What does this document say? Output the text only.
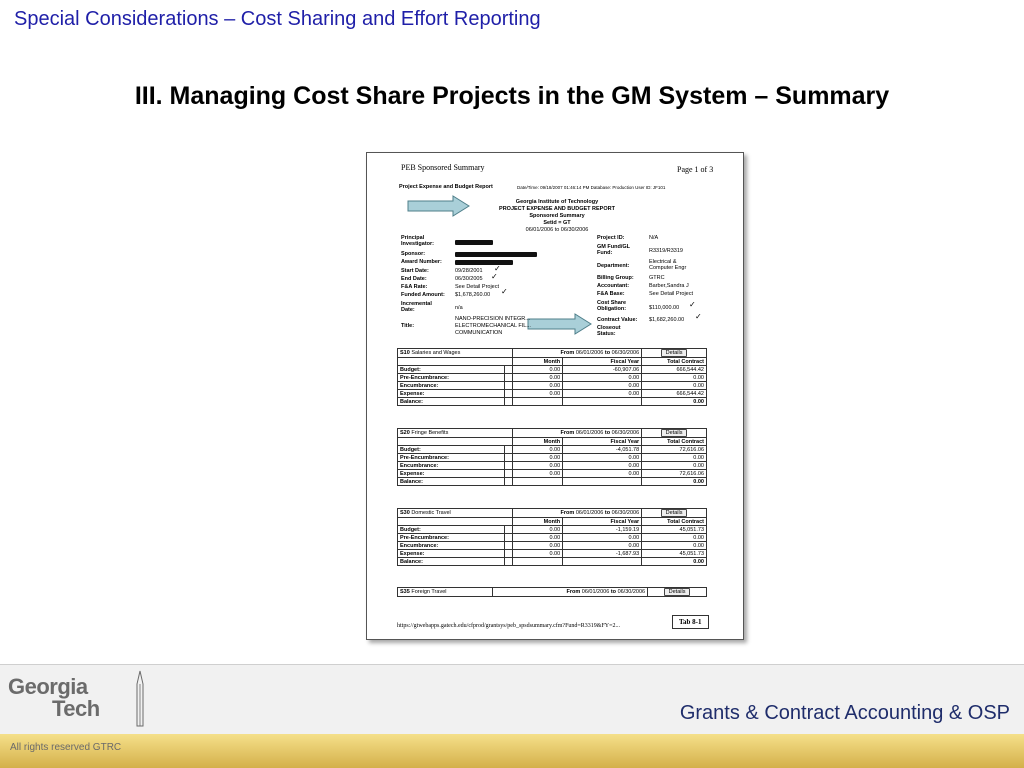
Special Considerations – Cost Sharing and Effort Reporting
III. Managing Cost Share Projects in the GM System – Summary
PEB Sponsored Summary	Page 1 of 3
Project Expense and Budget Report	Date/Time: 09/18/2007 01:46:14 PM Database: Production User ID: JF101
Georgia Institute of Technology
PROJECT EXPENSE AND BUDGET REPORT
Sponsored Summary
Setid = GT
06/01/2006 to 06/30/2006
Principal Investigator:
Sponsor:
Award Number:
Start Date:	09/28/2001 ✓
End Date:	06/30/2005 ✓
F&A Rate:	See Detail Project
Funded Amount: $1,678,260.00 ✓
Incremental Date:	n/a
Title:
NANO-PRECISION INTEGR... ELECTROMECHANICAL FIL... COMMUNICATION
Project ID:	N/A
GM Fund/GL Fund:	R3319/R3319
Department:
Electrical & Computer Engr
Billing Group:	GTRC
Accountant:	Barber,Sandra J
F&A Base:	See Detail Project
Cost Share Obligation:	$110,000.00 ✓
Contract Value: $1,682,260.00 ✓
Closeout Status:
S10 Salaries and Wages		From 06/01/2006 to 06/30/2006		Details
		Month	Fiscal Year	Total Contract
Budget:		0.00	-60,907.06	666,544.42
Pre-Encumbrance:		0.00	0.00	0.00
Encumbrance:		0.00	0.00	0.00
Expense:		0.00	0.00	666,544.42
Balance:				0.00
S20 Fringe Benefits		From 06/01/2006 to 06/30/2006		Details
		Month	Fiscal Year	Total Contract
Budget:		0.00	-4,051.78	72,616.06
Pre-Encumbrance:		0.00	0.00	0.00
Encumbrance:		0.00	0.00	0.00
Expense:		0.00	0.00	72,616.06
Balance:				0.00
S30 Domestic Travel		From 06/01/2006 to 06/30/2006		Details
		Month	Fiscal Year	Total Contract
Budget:		0.00	-1,159.19	45,051.73
Pre-Encumbrance:		0.00	0.00	0.00
Encumbrance:		0.00	0.00	0.00
Expense:		0.00	-1,687.93	45,051.73
Balance:				0.00
S35 Foreign Travel	From 06/01/2006 to 06/30/2006	Details
https://gtwebapps.gatech.edu/cfprod/grantsys/peb_spsdsummary.cfm?Fund=R3319&FY=2...	Tab 8-1
Georgia
Tech	Grants & Contract Accounting & OSP
All rights reserved GTRC
